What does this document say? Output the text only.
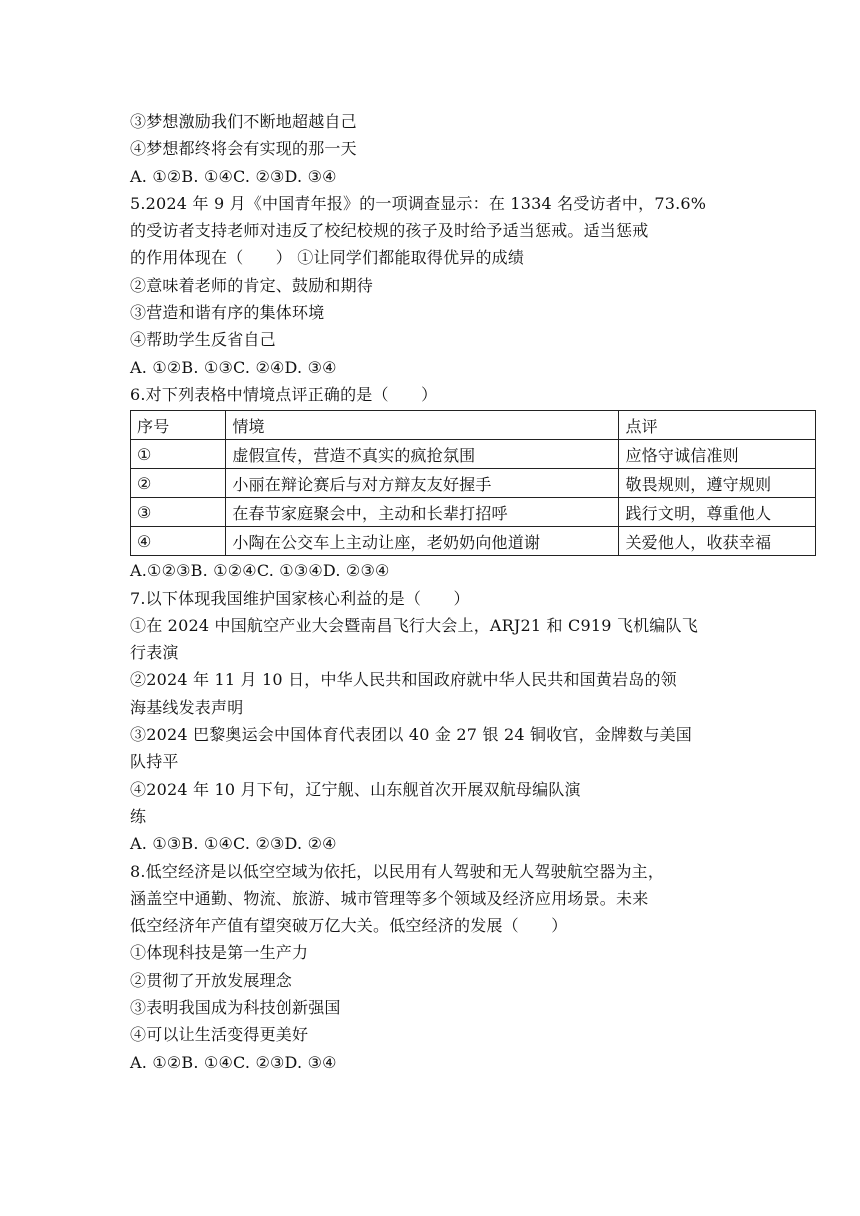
③梦想激励我们不断地超越自己
④梦想都终将会有实现的那一天
A. ①②B. ①④C. ②③D. ③④
5.2024 年 9 月《中国青年报》的一项调查显示：在 1334 名受访者中，73.6%
的受访者支持老师对违反了校纪校规的孩子及时给予适当惩戒。适当惩戒
的作用体现在（　　） ①让同学们都能取得优异的成绩
②意味着老师的肯定、鼓励和期待
③营造和谐有序的集体环境
④帮助学生反省自己
A. ①②B. ①③C. ②④D. ③④
6.对下列表格中情境点评正确的是（　　）
序号	情境	点评
①	虚假宣传，营造不真实的疯抢氛围	应恪守诚信准则
②	小丽在辩论赛后与对方辩友友好握手	敬畏规则，遵守规则
③	在春节家庭聚会中，主动和长辈打招呼	践行文明，尊重他人
④	小陶在公交车上主动让座，老奶奶向他道谢	关爱他人，收获幸福
A.①②③B. ①②④C. ①③④D. ②③④
7.以下体现我国维护国家核心利益的是（　　）
①在 2024 中国航空产业大会暨南昌飞行大会上，ARJ21 和 C919 飞机编队飞
行表演
②2024 年 11 月 10 日，中华人民共和国政府就中华人民共和国黄岩岛的领
海基线发表声明
③2024 巴黎奥运会中国体育代表团以 40 金 27 银 24 铜收官，金牌数与美国
队持平
④2024 年 10 月下旬，辽宁舰、山东舰首次开展双航母编队演
练
A. ①③B. ①④C. ②③D. ②④
8.低空经济是以低空空域为依托，以民用有人驾驶和无人驾驶航空器为主，
涵盖空中通勤、物流、旅游、城市管理等多个领域及经济应用场景。未来
低空经济年产值有望突破万亿大关。低空经济的发展（　　）
①体现科技是第一生产力
②贯彻了开放发展理念
③表明我国成为科技创新强国
④可以让生活变得更美好
A. ①②B. ①④C. ②③D. ③④
